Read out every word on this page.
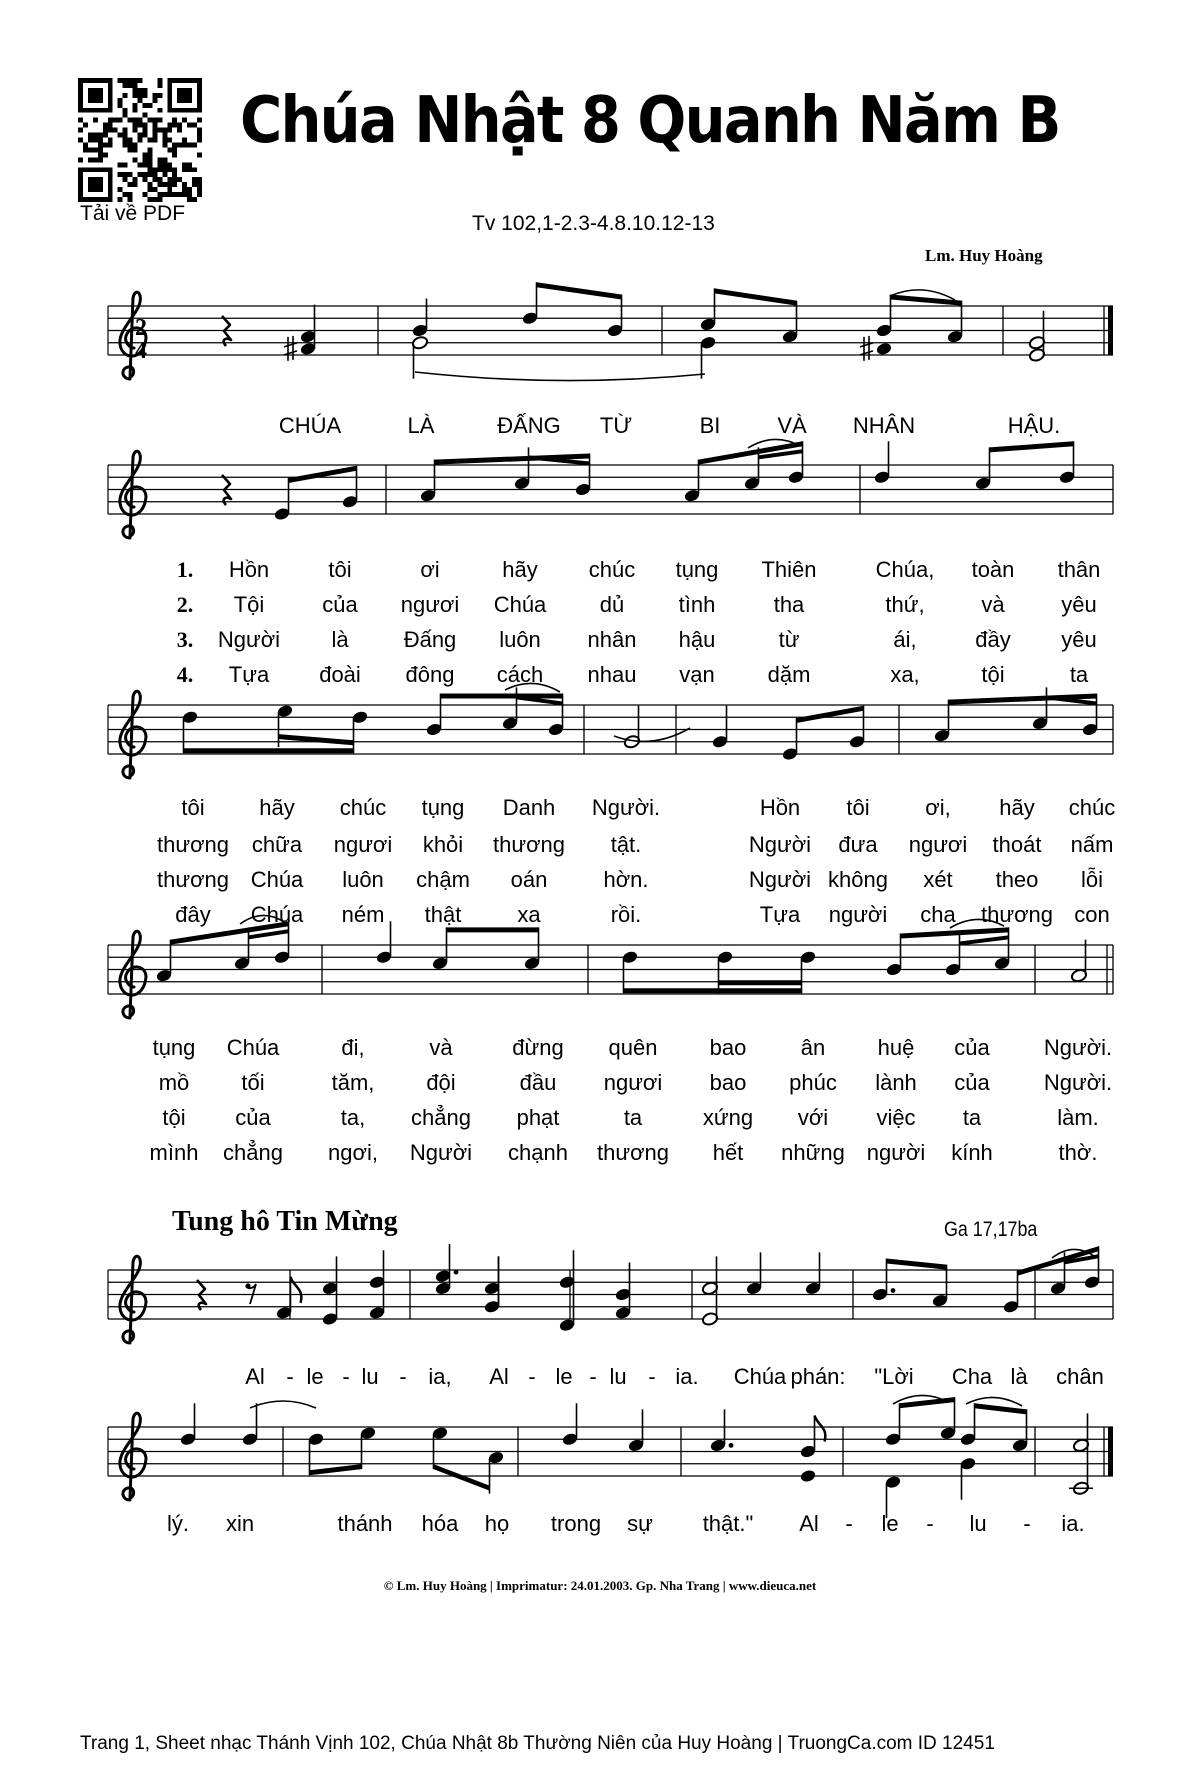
Tải về PDF
Chúa Nhật 8 Quanh Năm B
Tv 102,1-2.3-4.8.10.12-13
Lm. Huy Hoàng
2
4
CHÚA	LÀ	ĐẤNG TỪ	BI	VÀ NHÂN	HẬU.
1. Hồn	tôi	ơi	hãy chúc tụng Thiên	Chúa, toàn thân
tôi hãy chúc tụng Danh Người.	Hồn tôi	ơi, hãy chúc
tụng Chúa	đi,	và	đừng quên bao ân huệ của Người.
2. Tội	của ngươi Chúa dủ tình	tha	thứ,	và	yêu
thương chữa ngươi khỏi thương tật.	Người đưa ngươi thoát nấm
mồ tối	tăm, đội	đầu ngươi bao phúc lành của Người.
3. Người là	Đấng luôn nhân hậu	từ	ái,	đầy yêu
thương Chúa luôn chậm oán	hờn.	Người không xét theo lỗi
tội của	ta, chẳng phạt	ta	xứng với việc ta	làm.
4. Tựa đoài đông cách nhau vạn dặm	xa,	tội	ta
đây Chúa ném thật	xa	rồi.	Tựa người cha thương con
mình chẳng ngơi, Người chạnh thương hết những người kính	thờ.
Al - le - lu - ia, Al - le - lu - ia. Chúa phán: "Lời Cha là chân
lý. xin	thánh hóa họ trong sự thật." Al - le - lu - ia.
Tung hô Tin Mừng	Ga 17,17ba
© Lm. Huy Hoàng | Imprimatur: 24.01.2003. Gp. Nha Trang | www.dieuca.net
Trang 1, Sheet nhạc Thánh Vịnh 102, Chúa Nhật 8b Thường Niên của Huy Hoàng | TruongCa.com ID 12451
